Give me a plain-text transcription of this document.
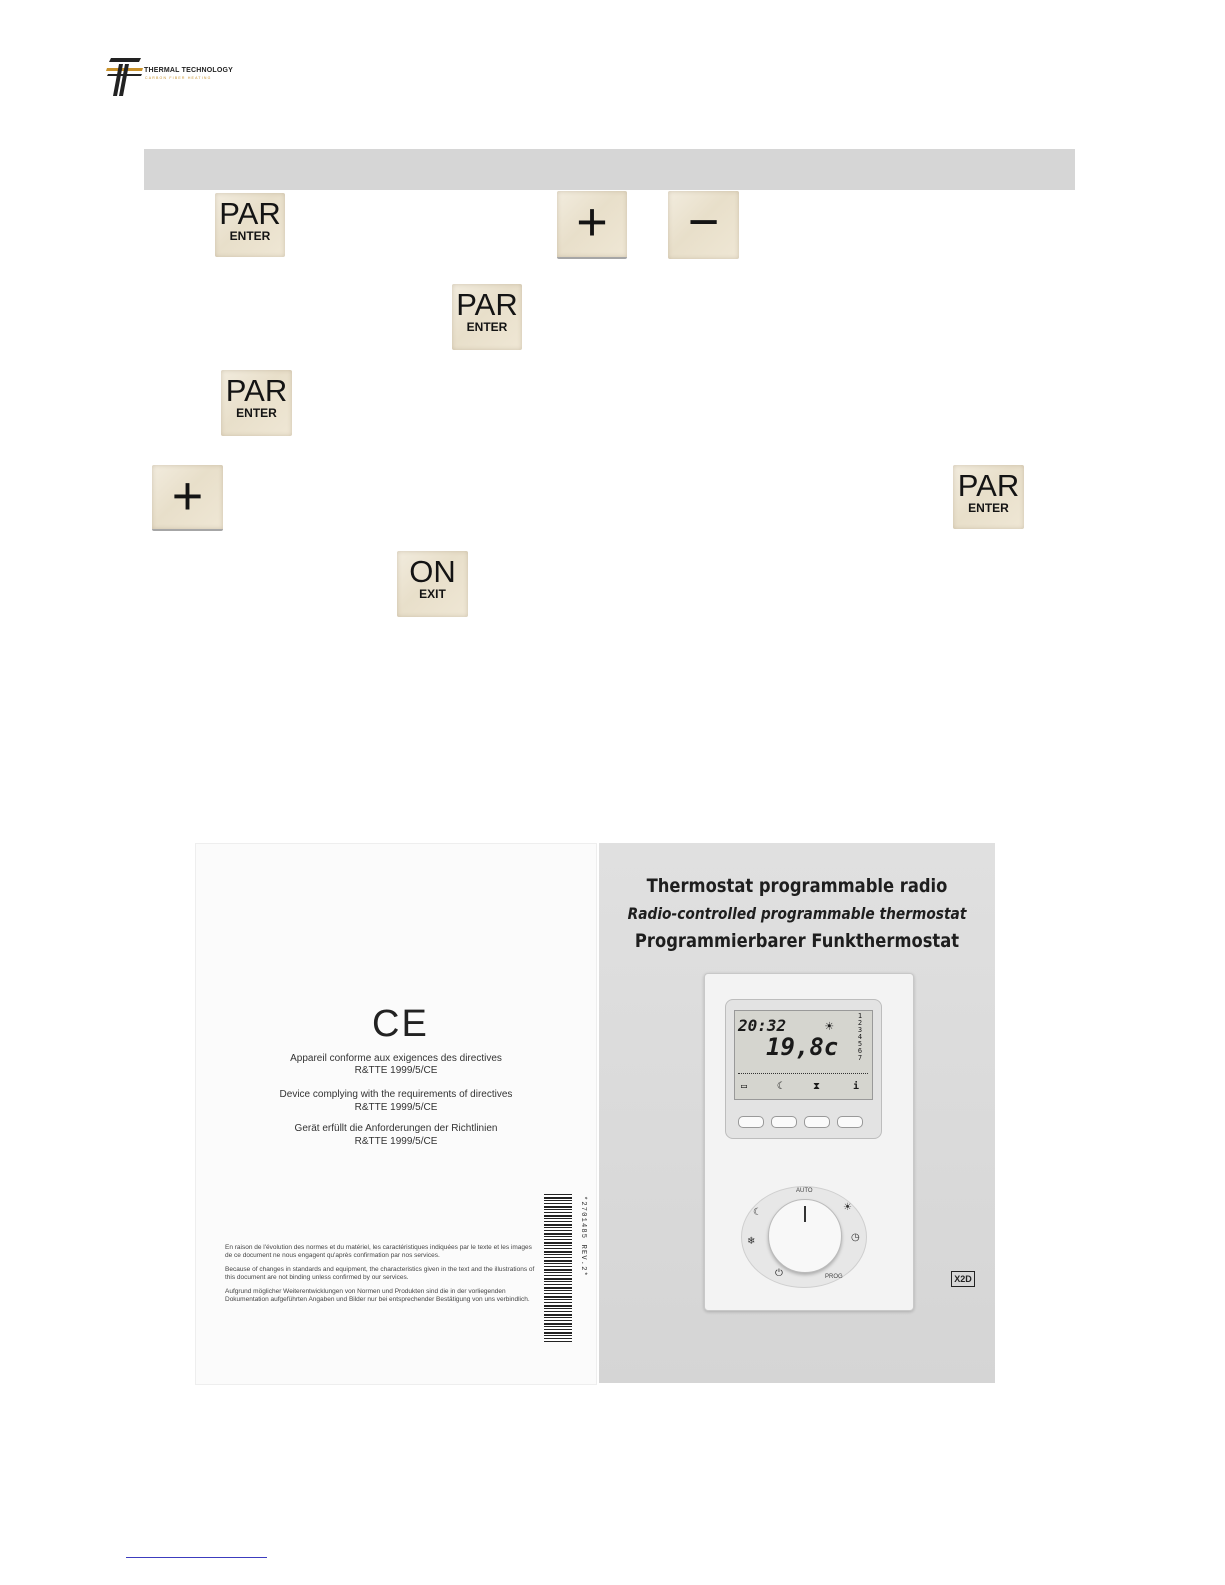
THERMAL TECHNOLOGY
CARBON FIBER HEATING
PAR
ENTER	+	−
PAR
ENTER
PAR
ENTER
+	PAR
ENTER
ON
EXIT
CE
Appareil conforme aux exigences des directives
R&TTE 1999/5/CE
Device complying with the requirements of directives
R&TTE 1999/5/CE
Gerät erfüllt die Anforderungen der Richtlinien
R&TTE 1999/5/CE
*2701485 REV.2*
En raison de l'évolution des normes et du matériel, les caractéristiques indiquées par le texte et les images de ce document ne nous engagent qu'après confirmation par nos services.
Because of changes in standards and equipment, the characteristics given in the text and the illustrations of this document are not binding unless confirmed by our services.
Aufgrund möglicher Weiterentwicklungen von Normen und Produkten sind die in der vorliegenden Dokumentation aufgeführten Angaben und Bilder nur bei entsprechender Bestätigung von uns verbindlich.
Thermostat programmable radio
Radio-controlled programmable thermostat
Programmierbarer Funkthermostat
20:32	☀
19,8c
1 2 3 4 5 6 7
▭	☾	⧗	i
AUTO
☾	☀
❄	◷
⏻	PROG	X2D
